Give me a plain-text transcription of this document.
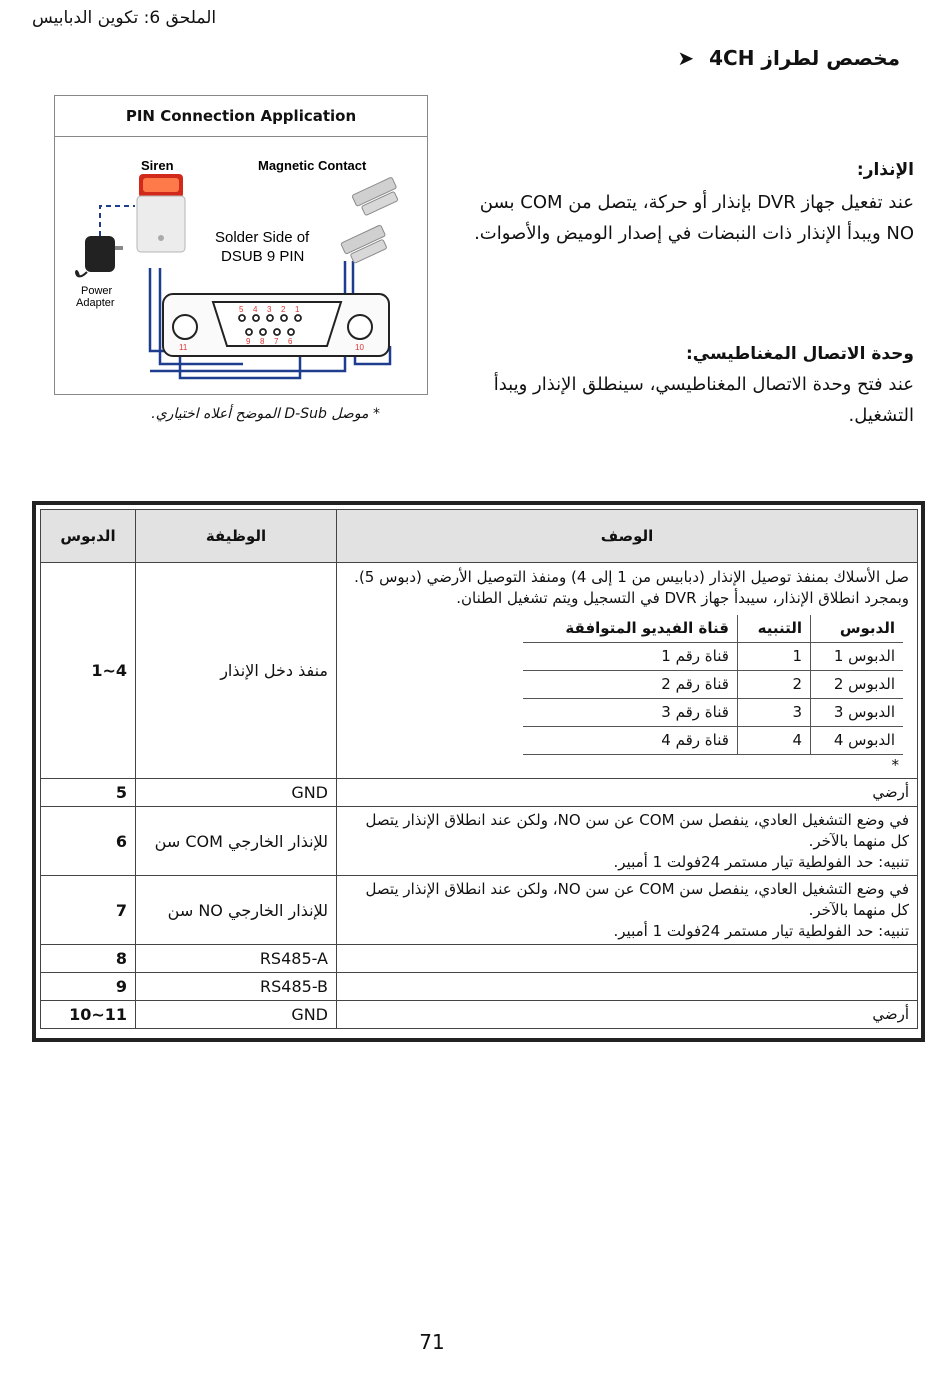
الملحق 6: تكوين الدبابيس
مخصص لطراز 4CH ➤
الإنذار:
عند تفعيل جهاز DVR بإنذار أو حركة، يتصل من COM بسن
NO ويبدأ الإنذار ذات النبضات في إصدار الوميض والأصوات.
وحدة الاتصال المغناطيسي:
عند فتح وحدة الاتصال المغناطيسي، سينطلق الإنذار ويبدأ
التشغيل.
PIN Connection Application
Siren	Magnetic Contact
Power
Adapter
Solder Side of
DSUB 9 PIN
5 4 3 2 1
9 8 7 6
11	10
* موصل D-Sub الموضح أعلاه اختياري.
الدبوس	الوظيفة	الوصف
1~4	منفذ دخل الإنذار	
صل الأسلاك بمنفذ توصيل الإنذار (دبابيس من 1 إلى 4) ومنفذ التوصيل الأرضي (دبوس 5). وبمجرد انطلاق الإنذار، سيبدأ جهاز DVR في التسجيل ويتم تشغيل الطنان.
الدبوس	التنبيه	قناة الفيديو المتوافقة
الدبوس 1	1	قناة رقم 1
الدبوس 2	2	قناة رقم 2
الدبوس 3	3	قناة رقم 3
الدبوس 4	4	قناة رقم 4
*

5	GND	أرضي
6	سن COM للإنذار الخارجي	
في وضع التشغيل العادي، ينفصل سن COM عن سن NO، ولكن عند انطلاق الإنذار يتصل كل منهما بالآخر.
تنبيه: حد الفولطية تيار مستمر 24فولت 1 أمبير.

7	سن NO للإنذار الخارجي	
في وضع التشغيل العادي، ينفصل سن COM عن سن NO، ولكن عند انطلاق الإنذار يتصل كل منهما بالآخر.
تنبيه: حد الفولطية تيار مستمر 24فولت 1 أمبير.

8	RS485-A	
9	RS485-B	
10~11	GND	أرضي
71
